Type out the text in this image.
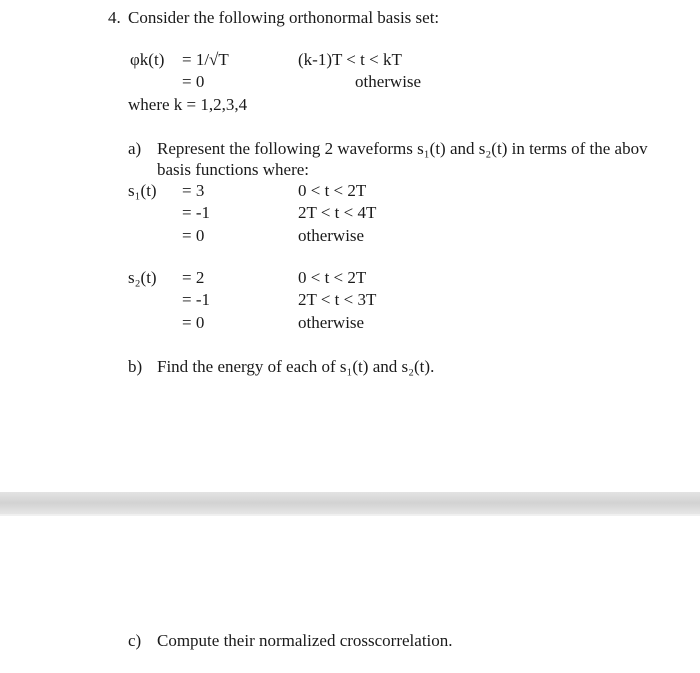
4. Consider the following orthonormal basis set:
φk(t) = 1/√T	(k-1)T < t < kT
= 0	otherwise
where k = 1,2,3,4
a) Represent the following 2 waveforms s₁(t) and s₂(t) in terms of the abov
basis functions where:
s₁(t) = 3	0 < t < 2T
= -1	2T < t < 4T
= 0	otherwise
s₂(t) = 2	0 < t < 2T
= -1	2T < t < 3T
= 0	otherwise
b) Find the energy of each of s₁(t) and s₂(t).
c) Compute their normalized crosscorrelation.
